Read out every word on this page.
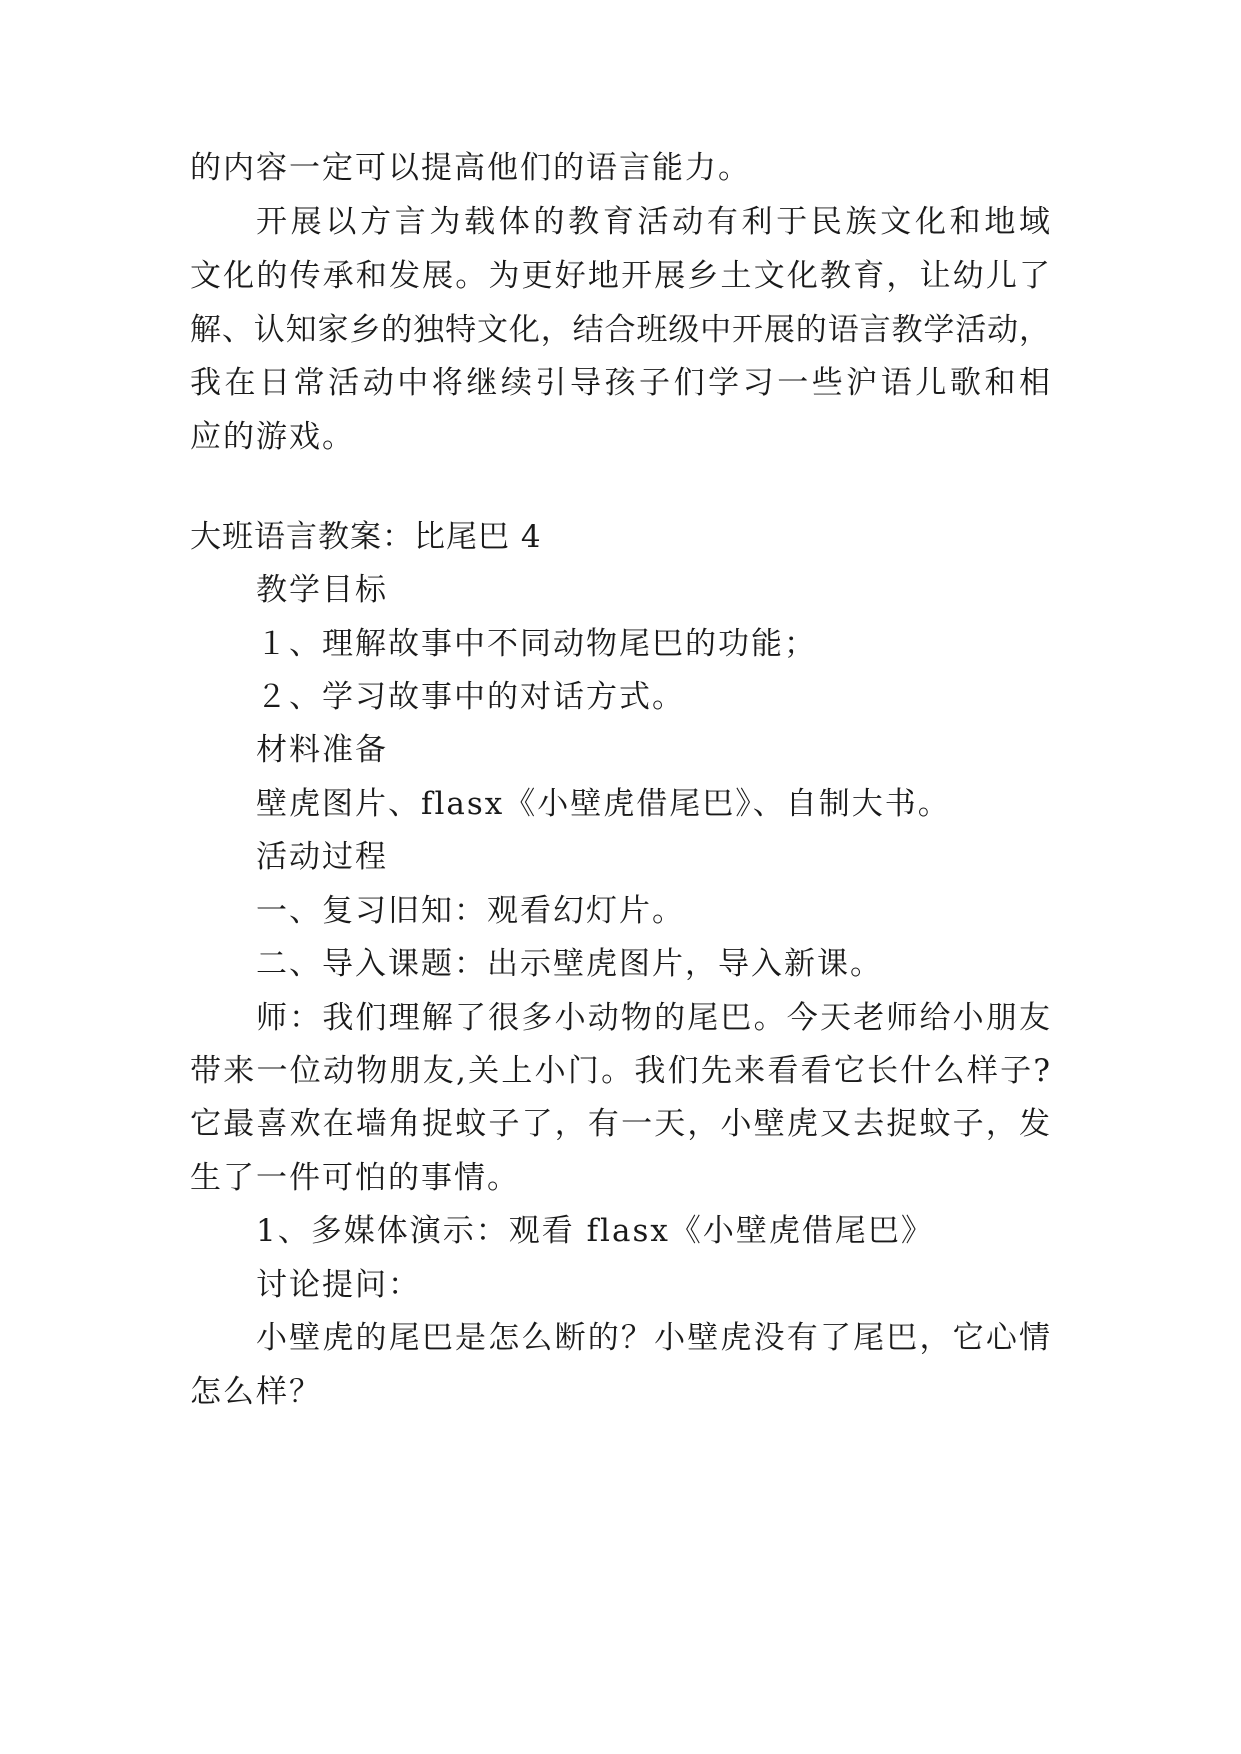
的内容一定可以提高他们的语言能力。
开展以方言为载体的教育活动有利于民族文化和地域
文化的传承和发展。为更好地开展乡土文化教育，让幼儿了
解、认知家乡的独特文化，结合班级中开展的语言教学活动，
我在日常活动中将继续引导孩子们学习一些沪语儿歌和相
应的游戏。
大班语言教案：比尾巴 4
教学目标
１、理解故事中不同动物尾巴的功能；
２、学习故事中的对话方式。
材料准备
壁虎图片、flasx《小壁虎借尾巴》、自制大书。
活动过程
一、复习旧知：观看幻灯片。
二、导入课题：出示壁虎图片，导入新课。
师：我们理解了很多小动物的尾巴。今天老师给小朋友
带来一位动物朋友,关上小门。我们先来看看它长什么样子?
它最喜欢在墙角捉蚊子了，有一天，小壁虎又去捉蚊子，发
生了一件可怕的事情。
1、多媒体演示：观看 flasx《小壁虎借尾巴》
讨论提问：
小壁虎的尾巴是怎么断的？小壁虎没有了尾巴，它心情
怎么样？
